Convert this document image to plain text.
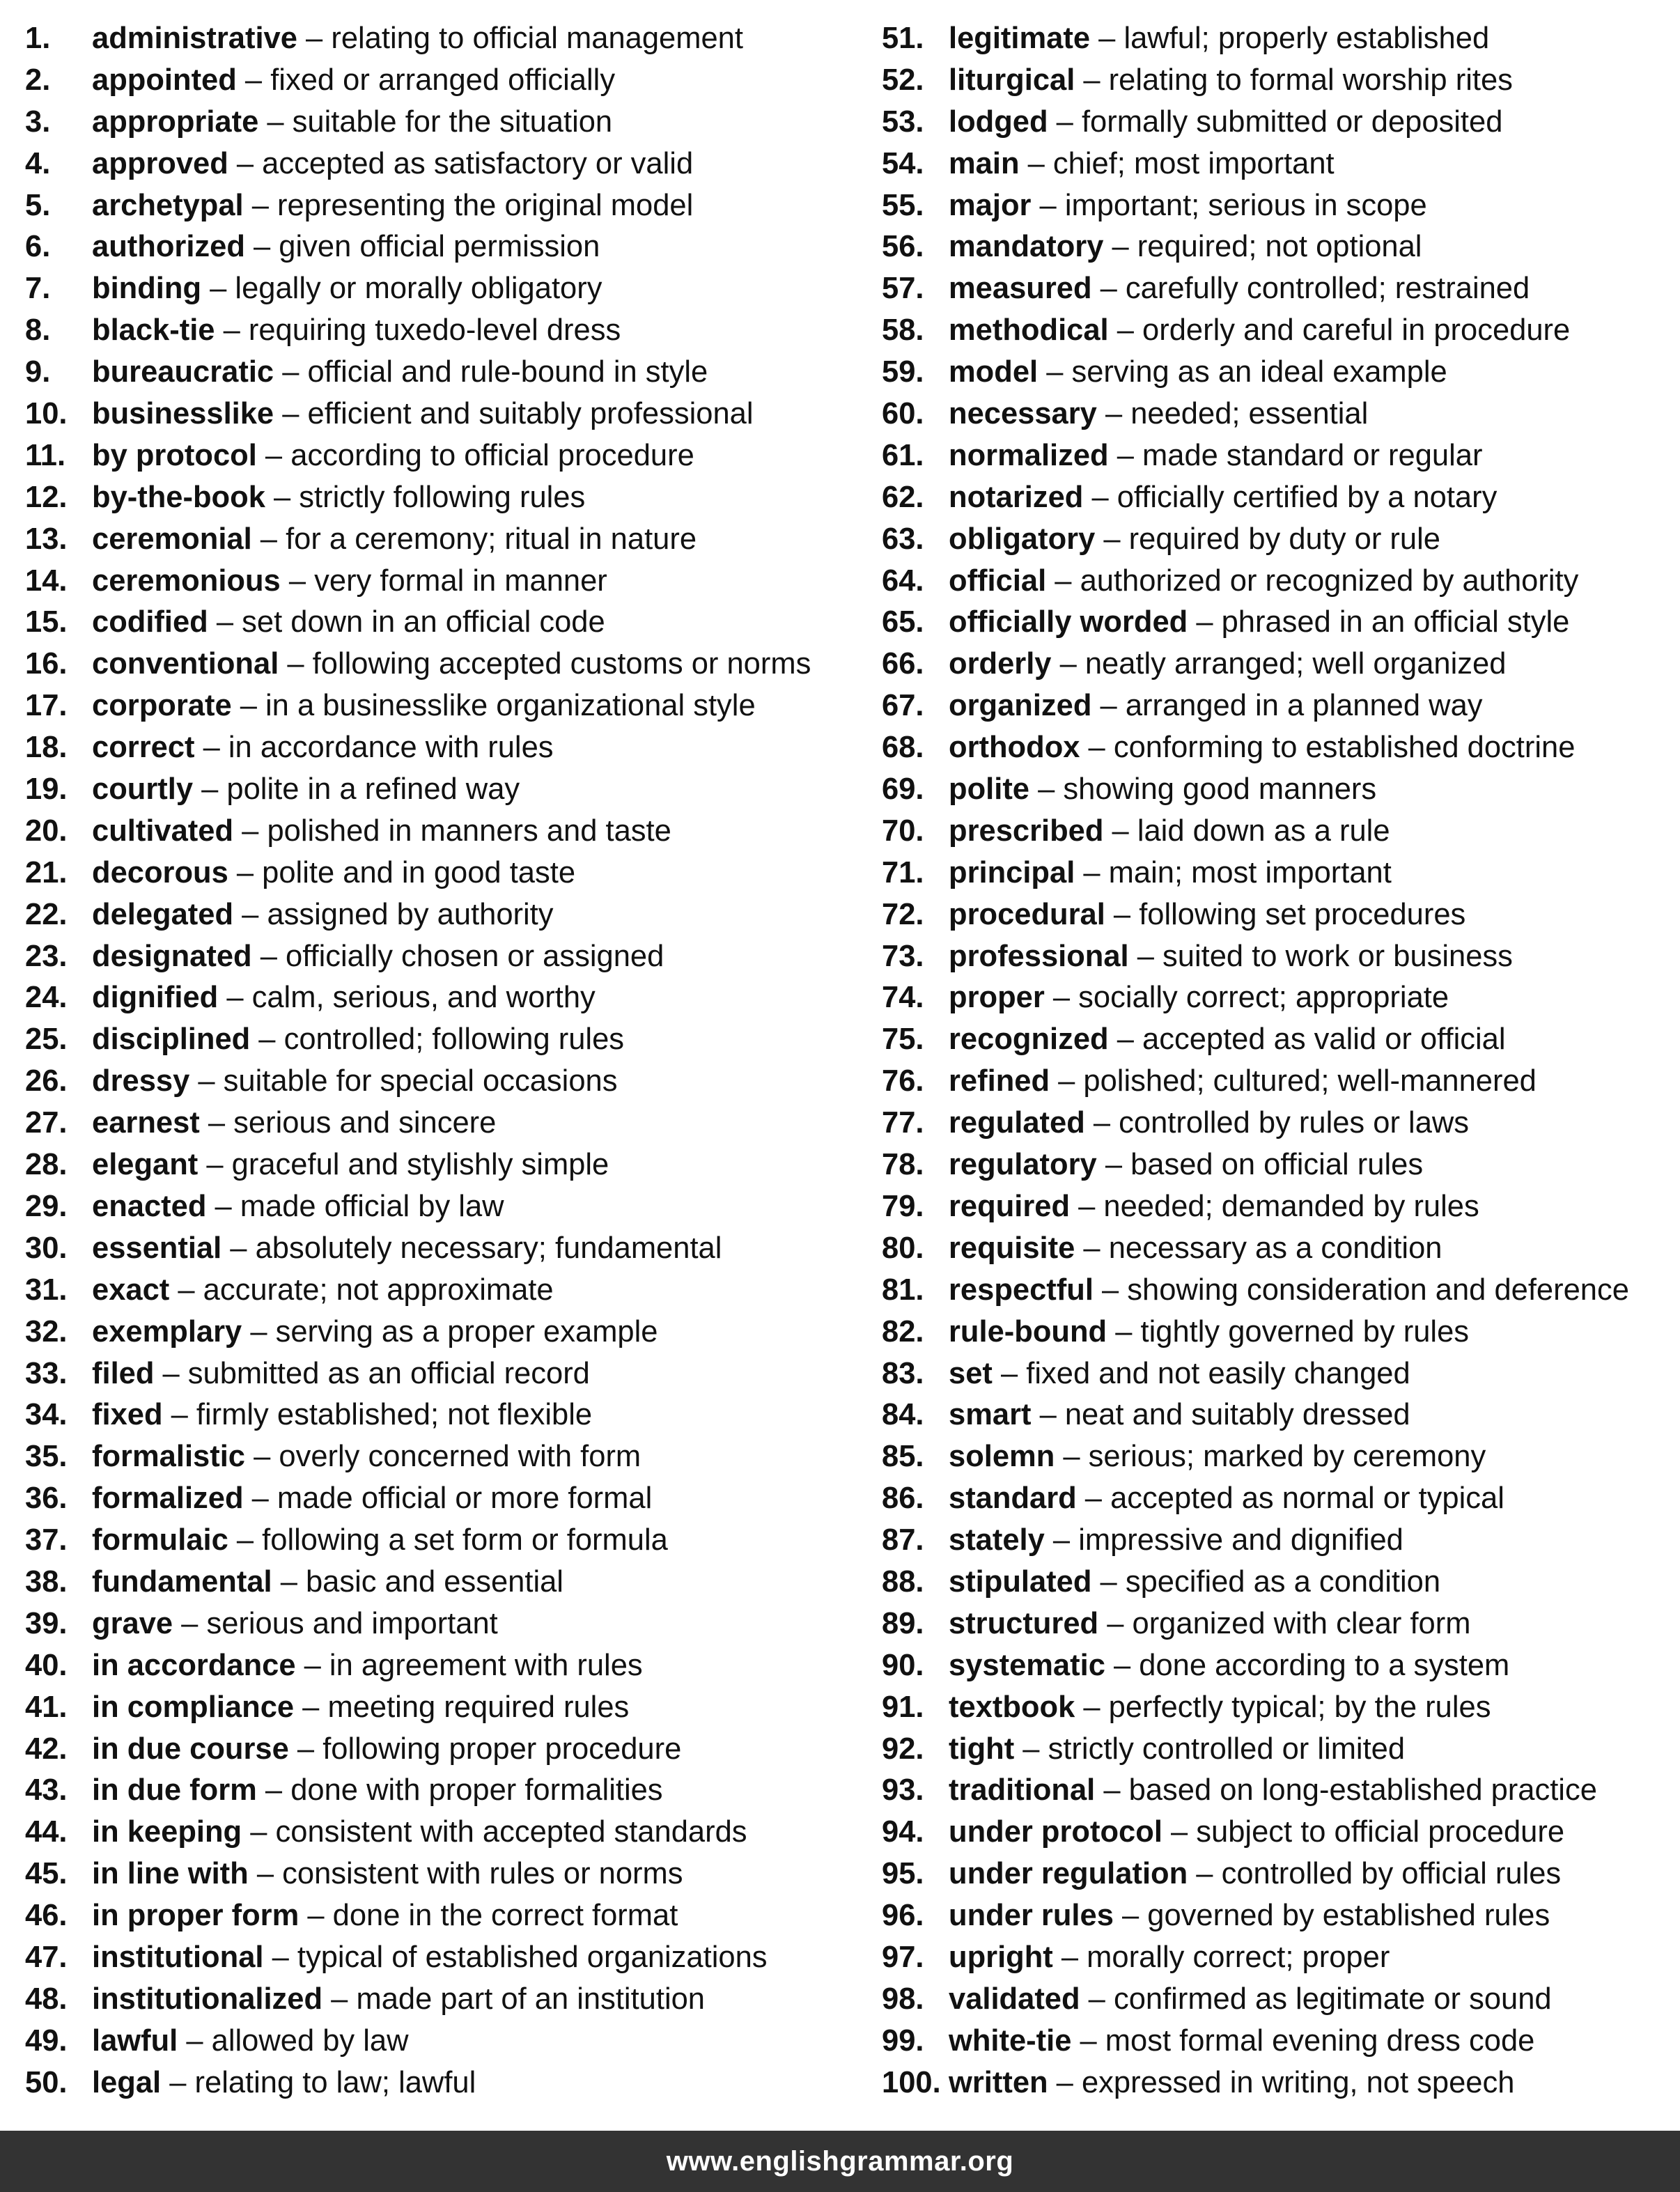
1. administrative – relating to official management
2. appointed – fixed or arranged officially
3. appropriate – suitable for the situation
4. approved – accepted as satisfactory or valid
5. archetypal – representing the original model
6. authorized – given official permission
7. binding – legally or morally obligatory
8. black-tie – requiring tuxedo-level dress
9. bureaucratic – official and rule-bound in style
10. businesslike – efficient and suitably professional
11. by protocol – according to official procedure
12. by-the-book – strictly following rules
13. ceremonial – for a ceremony; ritual in nature
14. ceremonious – very formal in manner
15. codified – set down in an official code
16. conventional – following accepted customs or norms
17. corporate – in a businesslike organizational style
18. correct – in accordance with rules
19. courtly – polite in a refined way
20. cultivated – polished in manners and taste
21. decorous – polite and in good taste
22. delegated – assigned by authority
23. designated – officially chosen or assigned
24. dignified – calm, serious, and worthy
25. disciplined – controlled; following rules
26. dressy – suitable for special occasions
27. earnest – serious and sincere
28. elegant – graceful and stylishly simple
29. enacted – made official by law
30. essential – absolutely necessary; fundamental
31. exact – accurate; not approximate
32. exemplary – serving as a proper example
33. filed – submitted as an official record
34. fixed – firmly established; not flexible
35. formalistic – overly concerned with form
36. formalized – made official or more formal
37. formulaic – following a set form or formula
38. fundamental – basic and essential
39. grave – serious and important
40. in accordance – in agreement with rules
41. in compliance – meeting required rules
42. in due course – following proper procedure
43. in due form – done with proper formalities
44. in keeping – consistent with accepted standards
45. in line with – consistent with rules or norms
46. in proper form – done in the correct format
47. institutional – typical of established organizations
48. institutionalized – made part of an institution
49. lawful – allowed by law
50. legal – relating to law; lawful
51. legitimate – lawful; properly established
52. liturgical – relating to formal worship rites
53. lodged – formally submitted or deposited
54. main – chief; most important
55. major – important; serious in scope
56. mandatory – required; not optional
57. measured – carefully controlled; restrained
58. methodical – orderly and careful in procedure
59. model – serving as an ideal example
60. necessary – needed; essential
61. normalized – made standard or regular
62. notarized – officially certified by a notary
63. obligatory – required by duty or rule
64. official – authorized or recognized by authority
65. officially worded – phrased in an official style
66. orderly – neatly arranged; well organized
67. organized – arranged in a planned way
68. orthodox – conforming to established doctrine
69. polite – showing good manners
70. prescribed – laid down as a rule
71. principal – main; most important
72. procedural – following set procedures
73. professional – suited to work or business
74. proper – socially correct; appropriate
75. recognized – accepted as valid or official
76. refined – polished; cultured; well-mannered
77. regulated – controlled by rules or laws
78. regulatory – based on official rules
79. required – needed; demanded by rules
80. requisite – necessary as a condition
81. respectful – showing consideration and deference
82. rule-bound – tightly governed by rules
83. set – fixed and not easily changed
84. smart – neat and suitably dressed
85. solemn – serious; marked by ceremony
86. standard – accepted as normal or typical
87. stately – impressive and dignified
88. stipulated – specified as a condition
89. structured – organized with clear form
90. systematic – done according to a system
91. textbook – perfectly typical; by the rules
92. tight – strictly controlled or limited
93. traditional – based on long-established practice
94. under protocol – subject to official procedure
95. under regulation – controlled by official rules
96. under rules – governed by established rules
97. upright – morally correct; proper
98. validated – confirmed as legitimate or sound
99. white-tie – most formal evening dress code
100. written – expressed in writing, not speech
www.englishgrammar.org
